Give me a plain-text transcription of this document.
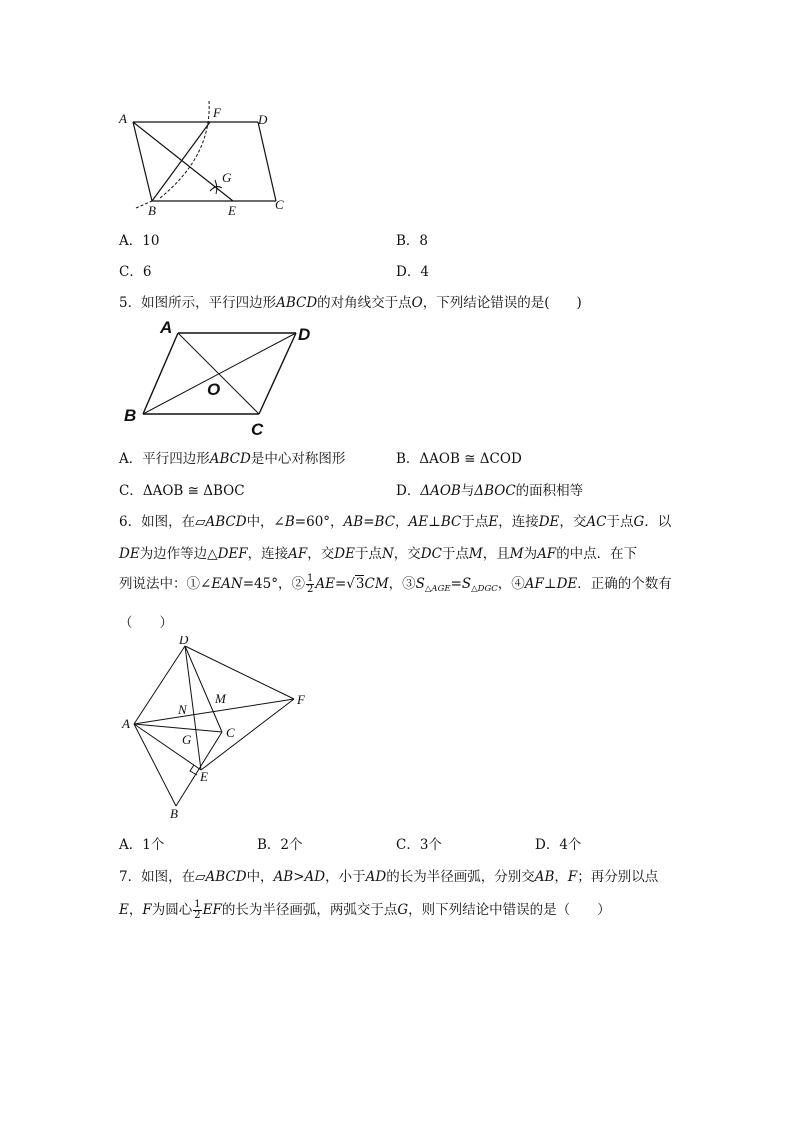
A	F	D
G
B	E	C
A．10	B．8
C．6	D．4
5．如图所示，平行四边形ABCD的对角线交于点O，下列结论错误的是(　　)
A	D
O
B
C
A．平行四边形ABCD是中心对称图形	B．ΔAOB ≅ ΔCOD
C．ΔAOB ≅ ΔBOC	D．ΔAOB与ΔBOC的面积相等
6．如图，在▱ABCD中，∠B=60°，AB=BC，AE⊥BC于点E，连接DE，交AC于点G．以
DE为边作等边△DEF，连接AF，交DE于点N，交DC于点M，且M为AF的中点．在下
列说法中：①∠EAN=45°，② $\frac{1}{2} AE=√3CM$，$③S_{\triangle AGE}=S_{\triangle DGC}$，④AF⊥DE．正确的个数有
（　　）
D
M	F
N
A
G	C
E
B
A．1个	B．2个	C．3个	D．4个
7．如图，在▱ABCD中，AB>AD，小于AD的长为半径画弧，分别交AB，F；再分别以点
E，F为圆心 $\frac{1}{2}$ EF的长为半径画弧，两弧交于点G，则下列结论中错误的是（　　）
